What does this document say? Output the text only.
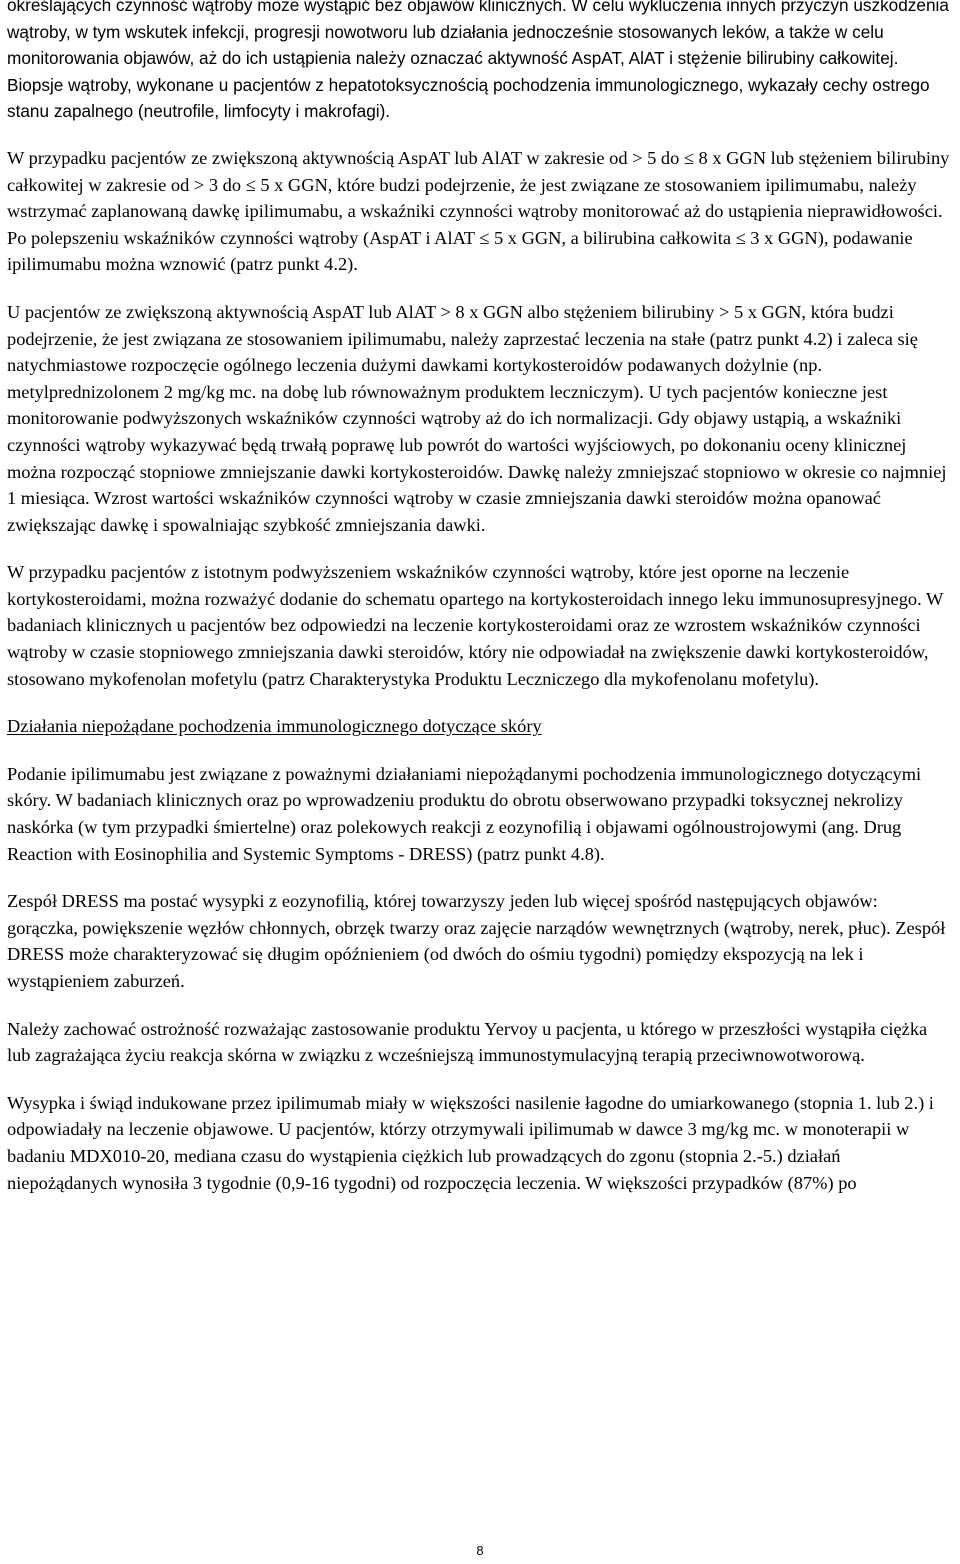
określających czynność wątroby może wystąpić bez objawów klinicznych. W celu wykluczenia innych przyczyn uszkodzenia wątroby, w tym wskutek infekcji, progresji nowotworu lub działania jednocześnie stosowanych leków, a także w celu monitorowania objawów, aż do ich ustąpienia należy oznaczać aktywność AspAT, AlAT i stężenie bilirubiny całkowitej. Biopsje wątroby, wykonane u pacjentów z hepatotoksycznością pochodzenia immunologicznego, wykazały cechy ostrego stanu zapalnego (neutrofile, limfocyty i makrofagi).

W przypadku pacjentów ze zwiększoną aktywnością AspAT lub AlAT w zakresie od > 5 do ≤ 8 x GGN lub stężeniem bilirubiny całkowitej w zakresie od > 3 do ≤ 5 x GGN, które budzi podejrzenie, że jest związane ze stosowaniem ipilimumabu, należy wstrzymać zaplanowaną dawkę ipilimumabu, a wskaźniki czynności wątroby monitorować aż do ustąpienia nieprawidłowości. Po polepszeniu wskaźników czynności wątroby (AspAT i AlAT ≤ 5 x GGN, a bilirubina całkowita ≤ 3 x GGN), podawanie ipilimumabu można wznowić (patrz punkt 4.2).

U pacjentów ze zwiększoną aktywnością AspAT lub AlAT > 8 x GGN albo stężeniem bilirubiny > 5 x GGN, która budzi podejrzenie, że jest związana ze stosowaniem ipilimumabu, należy zaprzestać leczenia na stałe (patrz punkt 4.2) i zaleca się natychmiastowe rozpoczęcie ogólnego leczenia dużymi dawkami kortykosteroidów podawanych dożylnie (np. metylprednizolonem 2 mg/kg mc. na dobę lub równoważnym produktem leczniczym). U tych pacjentów konieczne jest monitorowanie podwyższonych wskaźników czynności wątroby aż do ich normalizacji. Gdy objawy ustąpią, a wskaźniki czynności wątroby wykazywać będą trwałą poprawę lub powrót do wartości wyjściowych, po dokonaniu oceny klinicznej można rozpocząć stopniowe zmniejszanie dawki kortykosteroidów. Dawkę należy zmniejszać stopniowo w okresie co najmniej 1 miesiąca. Wzrost wartości wskaźników czynności wątroby w czasie zmniejszania dawki steroidów można opanować zwiększając dawkę i spowalniając szybkość zmniejszania dawki.

W przypadku pacjentów z istotnym podwyższeniem wskaźników czynności wątroby, które jest oporne na leczenie kortykosteroidami, można rozważyć dodanie do schematu opartego na kortykosteroidach innego leku immunosupresyjnego. W badaniach klinicznych u pacjentów bez odpowiedzi na leczenie kortykosteroidami oraz ze wzrostem wskaźników czynności wątroby w czasie stopniowego zmniejszania dawki steroidów, który nie odpowiadał na zwiększenie dawki kortykosteroidów, stosowano mykofenolan mofetylu (patrz Charakterystyka Produktu Leczniczego dla mykofenolanu mofetylu).

Działania niepożądane pochodzenia immunologicznego dotyczące skóry

Podanie ipilimumabu jest związane z poważnymi działaniami niepożądanymi pochodzenia immunologicznego dotyczącymi skóry. W badaniach klinicznych oraz po wprowadzeniu produktu do obrotu obserwowano przypadki toksycznej nekrolizy naskórka (w tym przypadki śmiertelne) oraz polekowych reakcji z eozynofilią i objawami ogólnoustrojowymi (ang. Drug Reaction with Eosinophilia and Systemic Symptoms - DRESS) (patrz punkt 4.8).

Zespół DRESS ma postać wysypki z eozynofilią, której towarzyszy jeden lub więcej spośród następujących objawów: gorączka, powiększenie węzłów chłonnych, obrzęk twarzy oraz zajęcie narządów wewnętrznych (wątroby, nerek, płuc). Zespół DRESS może charakteryzować się długim opóźnieniem (od dwóch do ośmiu tygodni) pomiędzy ekspozycją na lek i wystąpieniem zaburzeń.

Należy zachować ostrożność rozważając zastosowanie produktu Yervoy u pacjenta, u którego w przeszłości wystąpiła ciężka lub zagrażająca życiu reakcja skórna w związku z wcześniejszą immunostymulacyjną terapią przeciwnowotworową.

Wysypka i świąd indukowane przez ipilimumab miały w większości nasilenie łagodne do umiarkowanego (stopnia 1. lub 2.) i odpowiadały na leczenie objawowe. U pacjentów, którzy otrzymywali ipilimumab w dawce 3 mg/kg mc. w monoterapii w badaniu MDX010-20, mediana czasu do wystąpienia ciężkich lub prowadzących do zgonu (stopnia 2.-5.) działań niepożądanych wynosiła 3 tygodnie (0,9-16 tygodni) od rozpoczęcia leczenia. W większości przypadków (87%) po

8
